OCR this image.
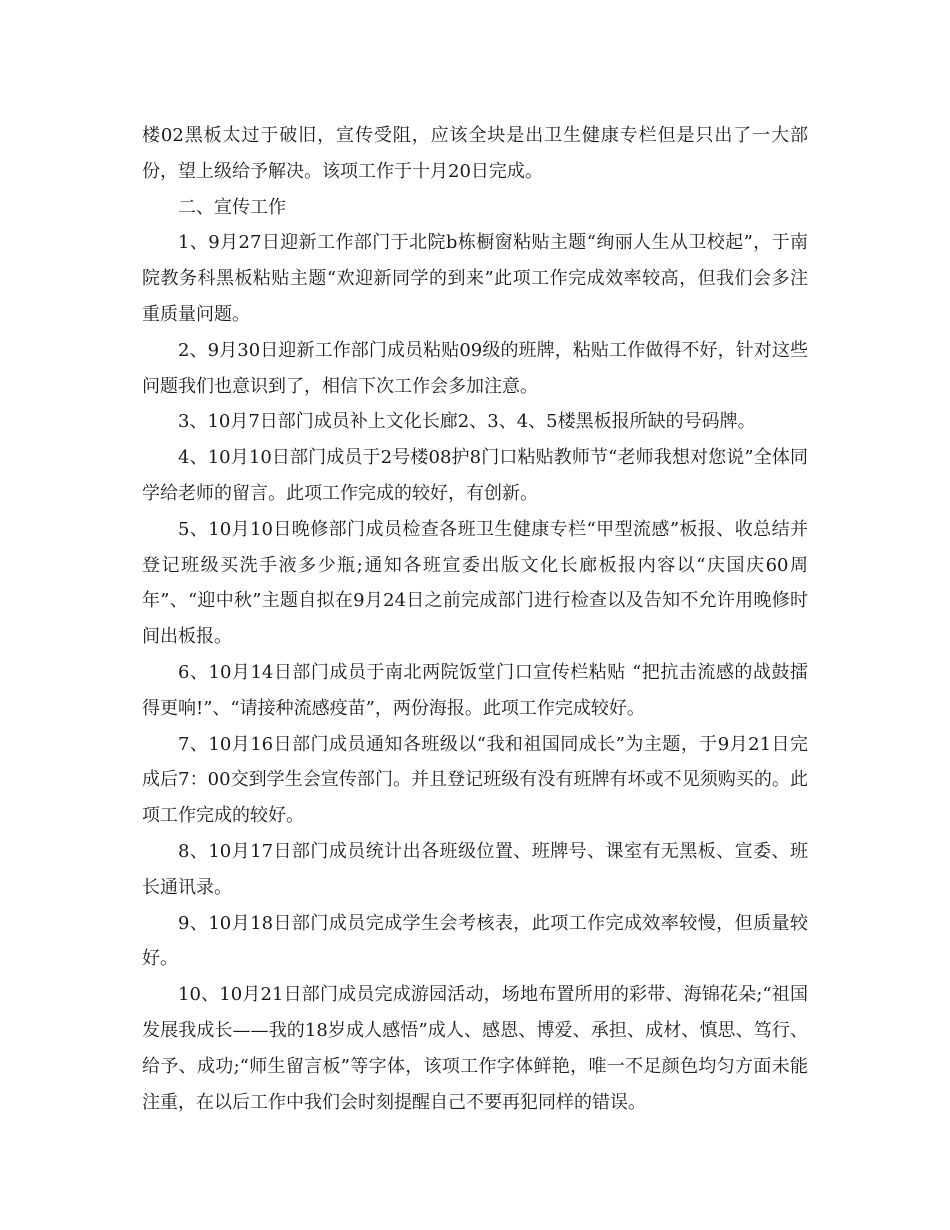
楼02黑板太过于破旧，宣传受阻，应该全块是出卫生健康专栏但是只出了一大部份，望上级给予解决。该项工作于十月20日完成。

二、宣传工作

1、9月27日迎新工作部门于北院b栋橱窗粘贴主题“绚丽人生从卫校起”，于南院教务科黑板粘贴主题“欢迎新同学的到来”此项工作完成效率较高，但我们会多注重质量问题。

2、9月30日迎新工作部门成员粘贴09级的班牌，粘贴工作做得不好，针对这些问题我们也意识到了，相信下次工作会多加注意。

3、10月7日部门成员补上文化长廊2、3、4、5楼黑板报所缺的号码牌。

4、10月10日部门成员于2号楼08护8门口粘贴教师节“老师我想对您说”全体同学给老师的留言。此项工作完成的较好，有创新。

5、10月10日晚修部门成员检查各班卫生健康专栏“甲型流感”板报、收总结并登记班级买洗手液多少瓶;通知各班宣委出版文化长廊板报内容以“庆国庆60周年”、“迎中秋”主题自拟在9月24日之前完成部门进行检查以及告知不允许用晚修时间出板报。

6、10月14日部门成员于南北两院饭堂门口宣传栏粘贴 “把抗击流感的战鼓擂得更响!”、“请接种流感疫苗”，两份海报。此项工作完成较好。

7、10月16日部门成员通知各班级以“我和祖国同成长”为主题，于9月21日完成后7：00交到学生会宣传部门。并且登记班级有没有班牌有坏或不见须购买的。此项工作完成的较好。

8、10月17日部门成员统计出各班级位置、班牌号、课室有无黑板、宣委、班长通讯录。

9、10月18日部门成员完成学生会考核表，此项工作完成效率较慢，但质量较好。

10、10月21日部门成员完成游园活动，场地布置所用的彩带、海锦花朵;“祖国发展我成长——我的18岁成人感悟”成人、感恩、博爱、承担、成材、慎思、笃行、给予、成功;“师生留言板”等字体，该项工作字体鲜艳，唯一不足颜色均匀方面未能注重，在以后工作中我们会时刻提醒自己不要再犯同样的错误。
